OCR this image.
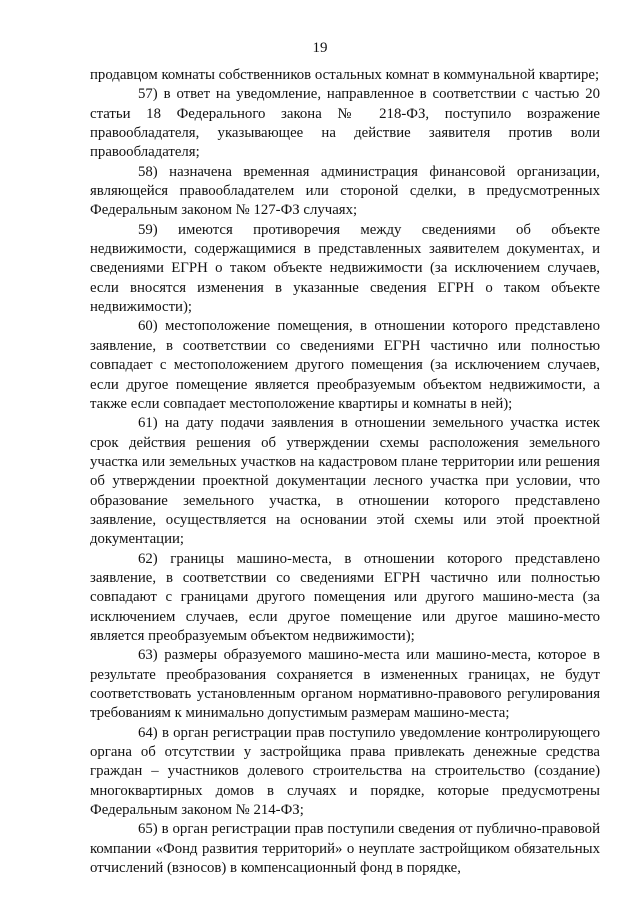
19

продавцом комнаты собственников остальных комнат в коммунальной квартире;

57) в ответ на уведомление, направленное в соответствии с частью 20 статьи 18 Федерального закона № 218-ФЗ, поступило возражение правообладателя, указывающее на действие заявителя против воли правообладателя;

58) назначена временная администрация финансовой организации, являющейся правообладателем или стороной сделки, в предусмотренных Федеральным законом № 127-ФЗ случаях;

59) имеются противоречия между сведениями об объекте недвижимости, содержащимися в представленных заявителем документах, и сведениями ЕГРН о таком объекте недвижимости (за исключением случаев, если вносятся изменения в указанные сведения ЕГРН о таком объекте недвижимости);

60) местоположение помещения, в отношении которого представлено заявление, в соответствии со сведениями ЕГРН частично или полностью совпадает с местоположением другого помещения (за исключением случаев, если другое помещение является преобразуемым объектом недвижимости, а также если совпадает местоположение квартиры и комнаты в ней);

61) на дату подачи заявления в отношении земельного участка истек срок действия решения об утверждении схемы расположения земельного участка или земельных участков на кадастровом плане территории или решения об утверждении проектной документации лесного участка при условии, что образование земельного участка, в отношении которого представлено заявление, осуществляется на основании этой схемы или этой проектной документации;

62) границы машино-места, в отношении которого представлено заявление, в соответствии со сведениями ЕГРН частично или полностью совпадают с границами другого помещения или другого машино-места (за исключением случаев, если другое помещение или другое машино-место является преобразуемым объектом недвижимости);

63) размеры образуемого машино-места или машино-места, которое в результате преобразования сохраняется в измененных границах, не будут соответствовать установленным органом нормативно-правового регулирования требованиям к минимально допустимым размерам машино-места;

64) в орган регистрации прав поступило уведомление контролирующего органа об отсутствии у застройщика права привлекать денежные средства граждан – участников долевого строительства на строительство (создание) многоквартирных домов в случаях и порядке, которые предусмотрены Федеральным законом № 214-ФЗ;

65) в орган регистрации прав поступили сведения от публично-правовой компании «Фонд развития территорий» о неуплате застройщиком обязательных отчислений (взносов) в компенсационный фонд в порядке,
